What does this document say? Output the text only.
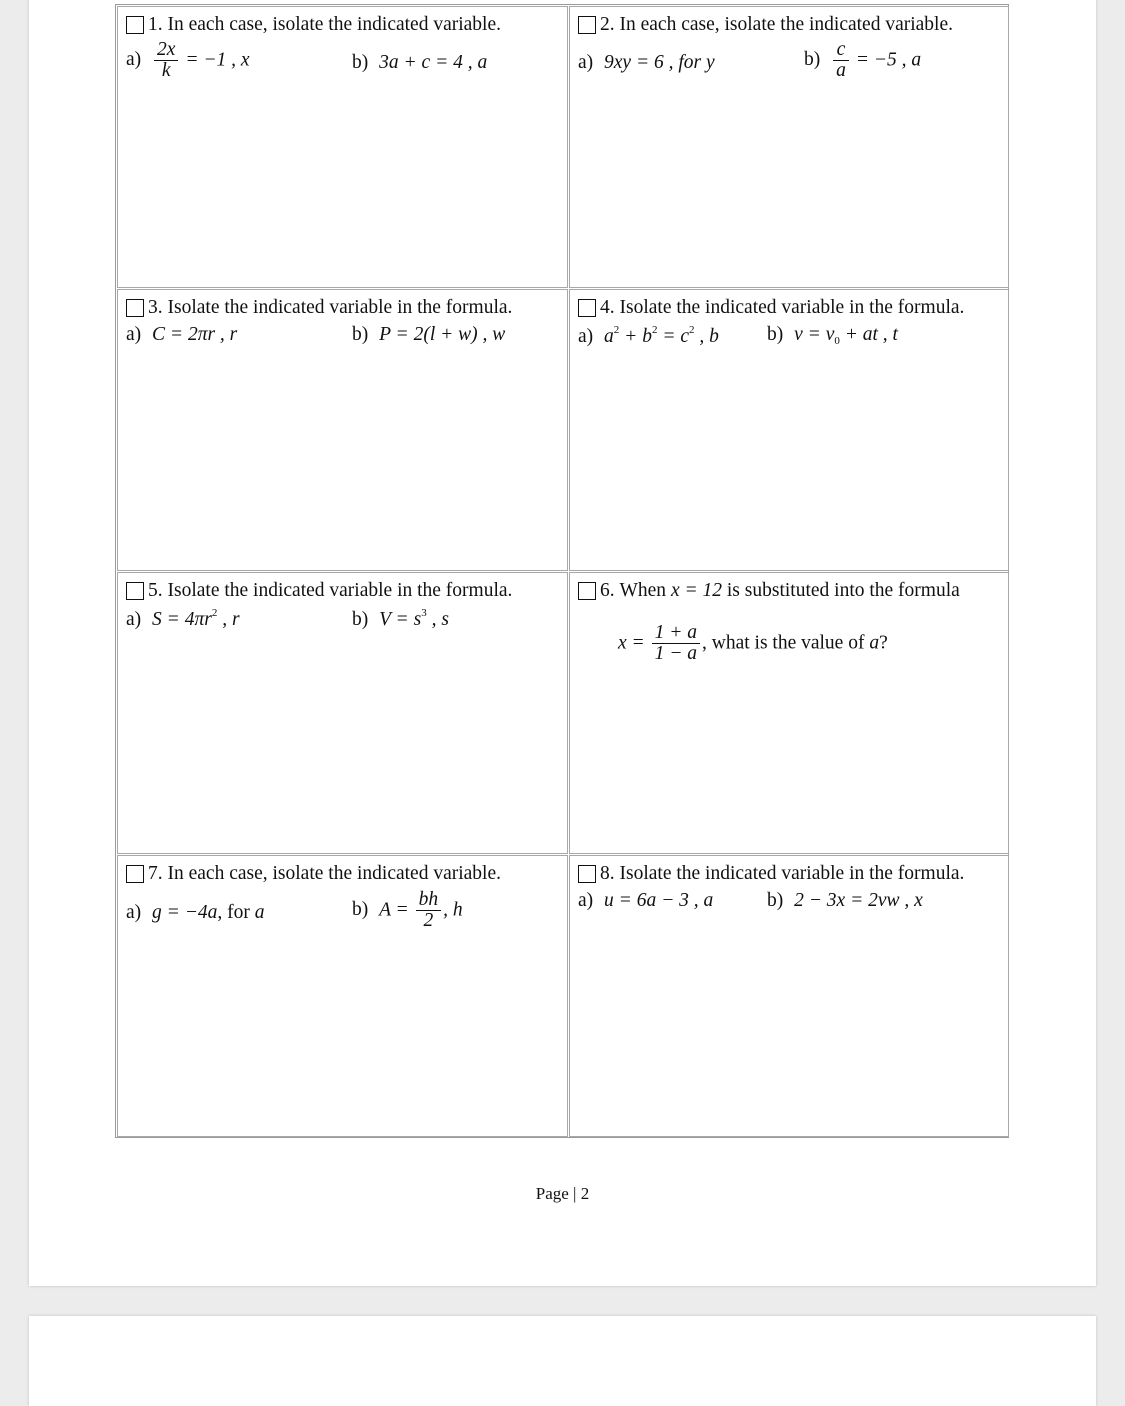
1.
In each case, isolate the indicated variable.
$a) \frac{2x}{k} = -1$ , x	b) 3a + c = 4 , a
2.
In each case, isolate the indicated variable.
a) 9xy = 6 , for y	$b) \frac{c}{a} = -5$ , a
3.
Isolate the indicated variable in the formula.
a) C = 2πr , r	b) P = 2(l + w) , w
4.
Isolate the indicated variable in the formula.
a) $a^2 + b^2 = c^2$ , b b) $v = v_0$ + at , t
5.
Isolate the indicated variable in the formula.
a) $S = 4\pi r^2$ , r	b) $V = s^3$ , s
6.
When
x = 12
is substituted into the formula
$x = \frac{1 + a}{1 - a}$ , what is the value of a?
7.
In each case, isolate the indicated variable.
a) g = −4a, for a	b) $A = \frac{bh}{2}$ , h
8.
Isolate the indicated variable in the formula.
a) u = 6a − 3 , a	b) 2 − 3x = 2vw , x
Page | 2
